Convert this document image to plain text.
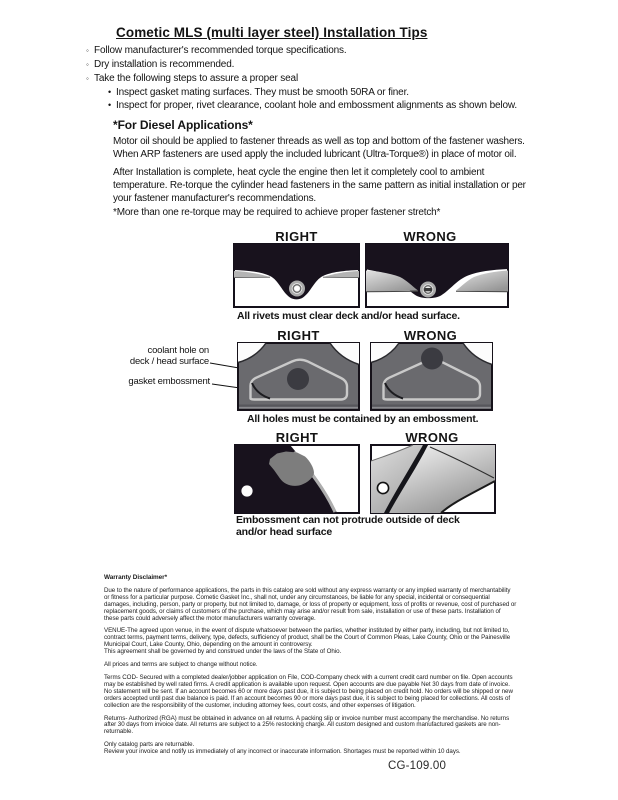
Cometic MLS (multi layer steel) Installation Tips
◦ Follow manufacturer's recommended torque specifications.
◦ Dry installation is recommended.
◦ Take the following steps to assure a proper seal
• Inspect gasket mating surfaces. They must be smooth 50RA or finer.
• Inspect for proper, rivet clearance, coolant hole and embossment alignments as shown below.
*For Diesel Applications*
Motor oil should be applied to fastener threads as well as top and bottom of the fastener washers. When ARP fasteners are used apply the included lubricant (Ultra-Torque®) in place of motor oil.
After Installation is complete, heat cycle the engine then let it completely cool to ambient temperature. Re-torque the cylinder head fasteners in the same pattern as initial installation or per your fastener manufacturer's recommendations.
*More than one re-torque may be required to achieve proper fastener stretch*
RIGHT	WRONG
All rivets must clear deck and/or head surface.
RIGHT	WRONG
coolant hole on
deck / head surface
gasket embossment
All holes must be contained by an embossment.
RIGHT	WRONG
Embossment can not protrude outside of deck
and/or head surface
Warranty Disclaimer*

Due to the nature of performance applications, the parts in this catalog are sold without any express warranty or any implied warranty of merchantability or fitness for a particular purpose. Cometic Gasket Inc., shall not, under any circumstances, be liable for any special, incidental or consequential damages, including, person, party or property, but not limited to, damage, or loss of property or equipment, loss of profits or revenue, cost of purchased or replacement goods, or claims of customers of the purchase, which may arise and/or result from sale, installation or use of these parts. Installation of these parts could adversely affect the motor manufacturers warranty coverage.

VENUE-The agreed upon venue, in the event of dispute whatsoever between the parties, whether instituted by either party, including, but not limited to, contract terms, payment terms, delivery, type, defects, sufficiency of product, shall be the Court of Common Pleas, Lake County, Ohio or the Painesville Municipal Court, Lake County, Ohio, depending on the amount in controversy.
This agreement shall be governed by and construed under the laws of the State of Ohio.

All prices and terms are subject to change without notice.

Terms COD- Secured with a completed dealer/jobber application on File, COD-Company check with a current credit card number on file. Open accounts may be established by well rated firms. A credit application is available upon request. Open accounts are due payable Net 30 days from date of invoice. No statement will be sent. If an account becomes 60 or more days past due, it is subject to being placed on credit hold. No orders will be shipped or new orders accepted until past due balance is paid. If an account becomes 90 or more days past due, it is subject to being placed for collections. All costs of collection are the responsibility of the customer, including attorney fees, court costs, and other expenses of litigation.

Returns- Authorized (RGA) must be obtained in advance on all returns. A packing slip or invoice number must accompany the merchandise. No returns after 30 days from invoice date. All returns are subject to a 25% restocking charge. All custom designed and custom manufactured gaskets are non-returnable.

Only catalog parts are returnable.
Review your invoice and notify us immediately of any incorrect or inaccurate information. Shortages must be reported within 10 days.

CG-109.00
